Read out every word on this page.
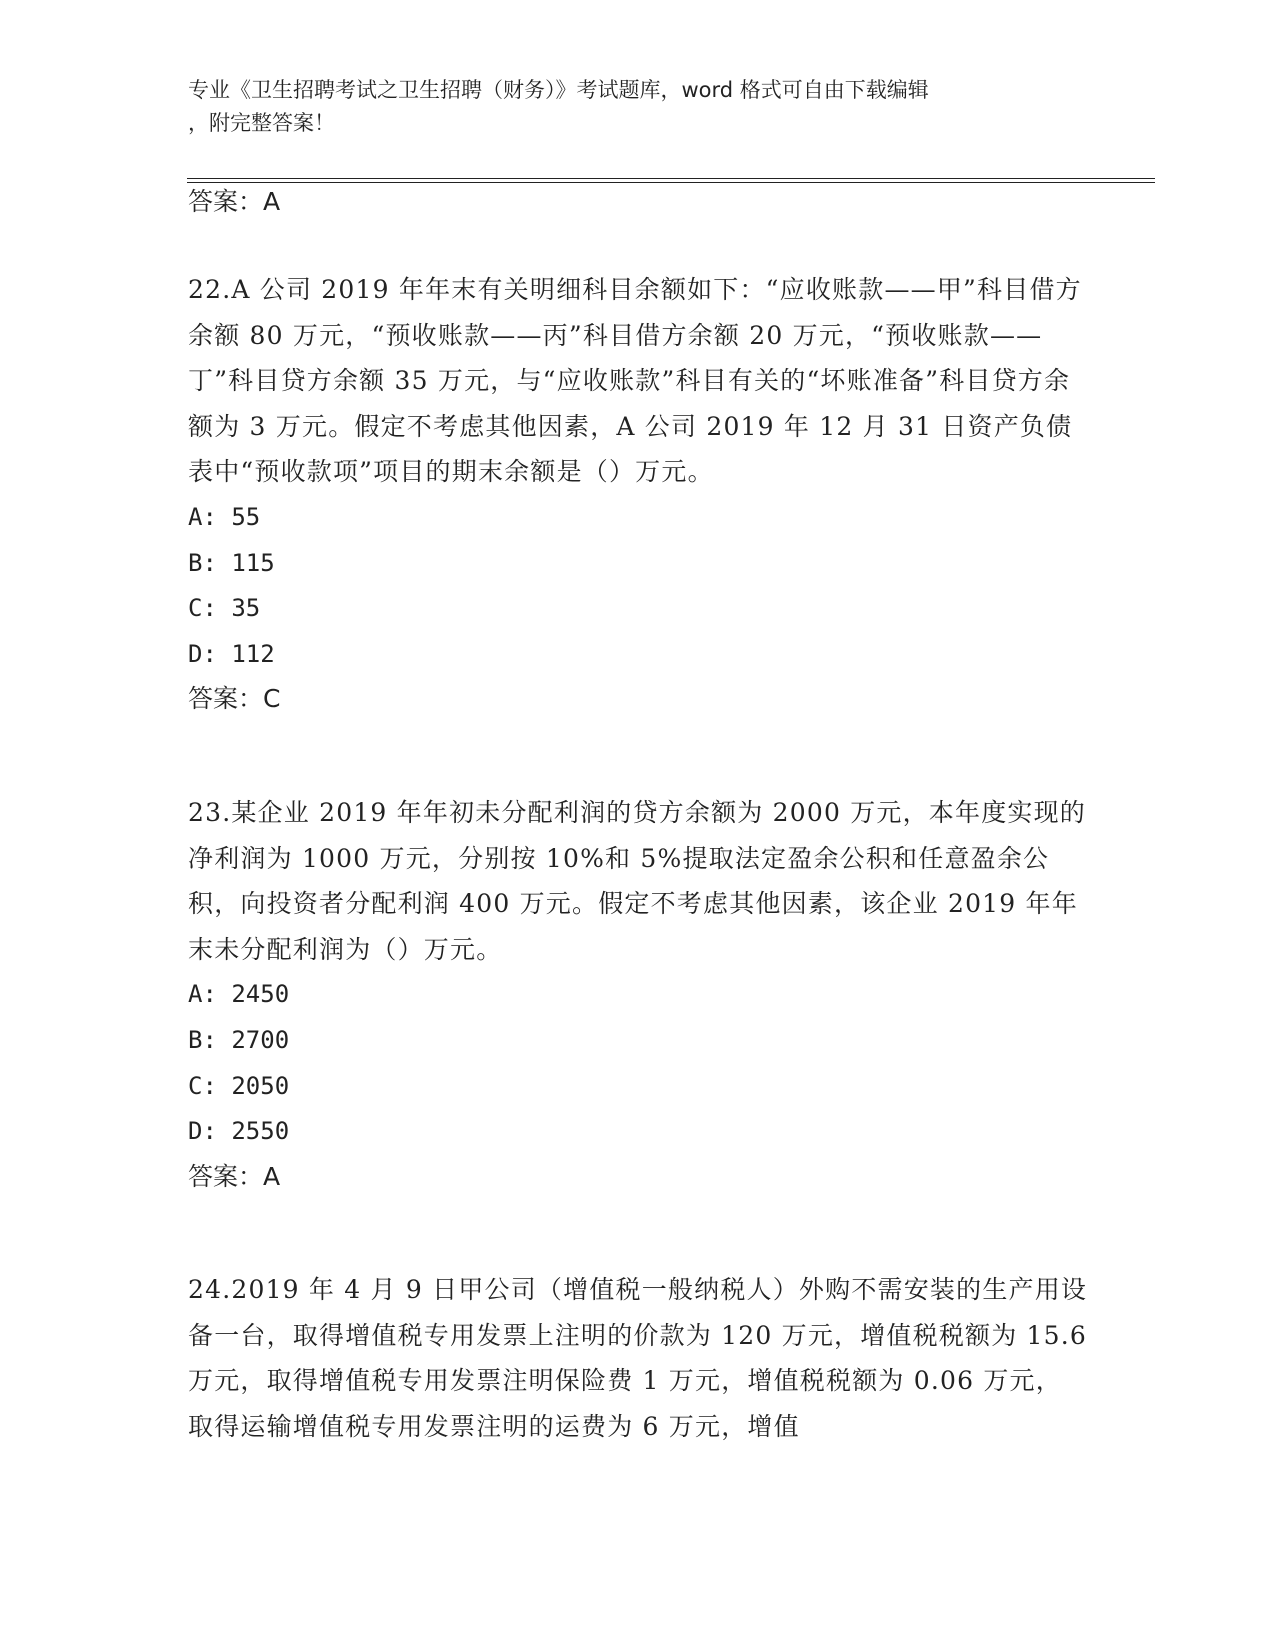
专业《卫生招聘考试之卫生招聘（财务）》考试题库，word 格式可自由下载编辑
，附完整答案！
答案：A
22.A 公司 2019 年年末有关明细科目余额如下：“应收账款——甲”科目借方余额 80 万元，“预收账款——丙”科目借方余额 20 万元，“预收账款——丁”科目贷方余额 35 万元，与“应收账款”科目有关的“坏账准备”科目贷方余额为 3 万元。假定不考虑其他因素，A 公司 2019 年 12 月 31 日资产负债表中“预收款项”项目的期末余额是（）万元。
A: 55
B: 115
C: 35
D: 112
答案：C
23.某企业 2019 年年初未分配利润的贷方余额为 2000 万元，本年度实现的净利润为 1000 万元，分别按 10%和 5%提取法定盈余公积和任意盈余公积，向投资者分配利润 400 万元。假定不考虑其他因素，该企业 2019 年年末未分配利润为（）万元。
A: 2450
B: 2700
C: 2050
D: 2550
答案：A
24.2019 年 4 月 9 日甲公司（增值税一般纳税人）外购不需安装的生产用设备一台，取得增值税专用发票上注明的价款为 120 万元，增值税税额为 15.6 万元，取得增值税专用发票注明保险费 1 万元，增值税税额为 0.06 万元，取得运输增值税专用发票注明的运费为 6 万元，增值
